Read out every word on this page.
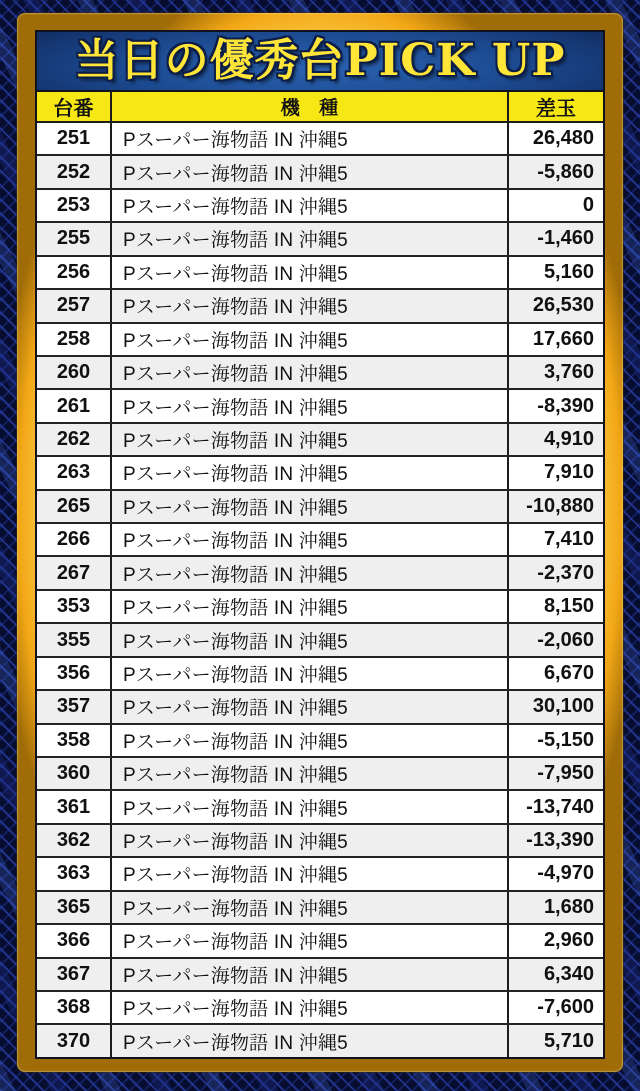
当日の優秀台PICK UP
台番	機　種	差玉
251	Pスーパー海物語 IN 沖縄5	26,480
252	Pスーパー海物語 IN 沖縄5	-5,860
253	Pスーパー海物語 IN 沖縄5	0
255	Pスーパー海物語 IN 沖縄5	-1,460
256	Pスーパー海物語 IN 沖縄5	5,160
257	Pスーパー海物語 IN 沖縄5	26,530
258	Pスーパー海物語 IN 沖縄5	17,660
260	Pスーパー海物語 IN 沖縄5	3,760
261	Pスーパー海物語 IN 沖縄5	-8,390
262	Pスーパー海物語 IN 沖縄5	4,910
263	Pスーパー海物語 IN 沖縄5	7,910
265	Pスーパー海物語 IN 沖縄5	-10,880
266	Pスーパー海物語 IN 沖縄5	7,410
267	Pスーパー海物語 IN 沖縄5	-2,370
353	Pスーパー海物語 IN 沖縄5	8,150
355	Pスーパー海物語 IN 沖縄5	-2,060
356	Pスーパー海物語 IN 沖縄5	6,670
357	Pスーパー海物語 IN 沖縄5	30,100
358	Pスーパー海物語 IN 沖縄5	-5,150
360	Pスーパー海物語 IN 沖縄5	-7,950
361	Pスーパー海物語 IN 沖縄5	-13,740
362	Pスーパー海物語 IN 沖縄5	-13,390
363	Pスーパー海物語 IN 沖縄5	-4,970
365	Pスーパー海物語 IN 沖縄5	1,680
366	Pスーパー海物語 IN 沖縄5	2,960
367	Pスーパー海物語 IN 沖縄5	6,340
368	Pスーパー海物語 IN 沖縄5	-7,600
370	Pスーパー海物語 IN 沖縄5	5,710
